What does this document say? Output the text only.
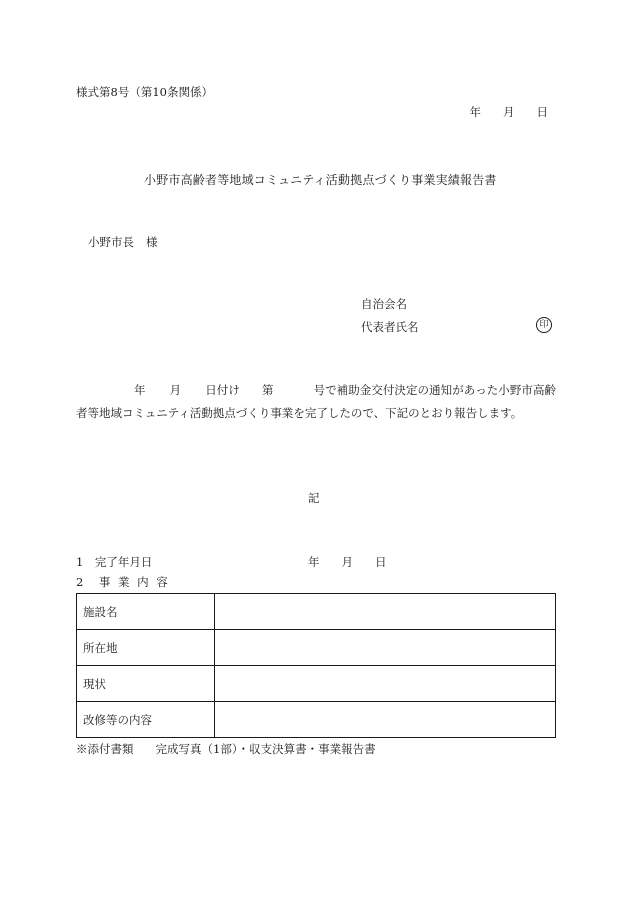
様式第8号（第10条関係）
年 月 日
小野市高齢者等地域コミュニティ活動拠点づくり事業実績報告書
小野市長 様
自治会名
代表者氏名	印
年 月 日付け 第	号で補助金交付決定の通知があった小野市高齢者等地域コミュニティ活動拠点づくり事業を完了したので、下記のとおり報告します。
記
1　完了年月日	年 月 日
2　事 業 内 容
施設名	
所在地	
現状	
改修等の内容	
※添付書類 完成写真（1部）・収支決算書・事業報告書
